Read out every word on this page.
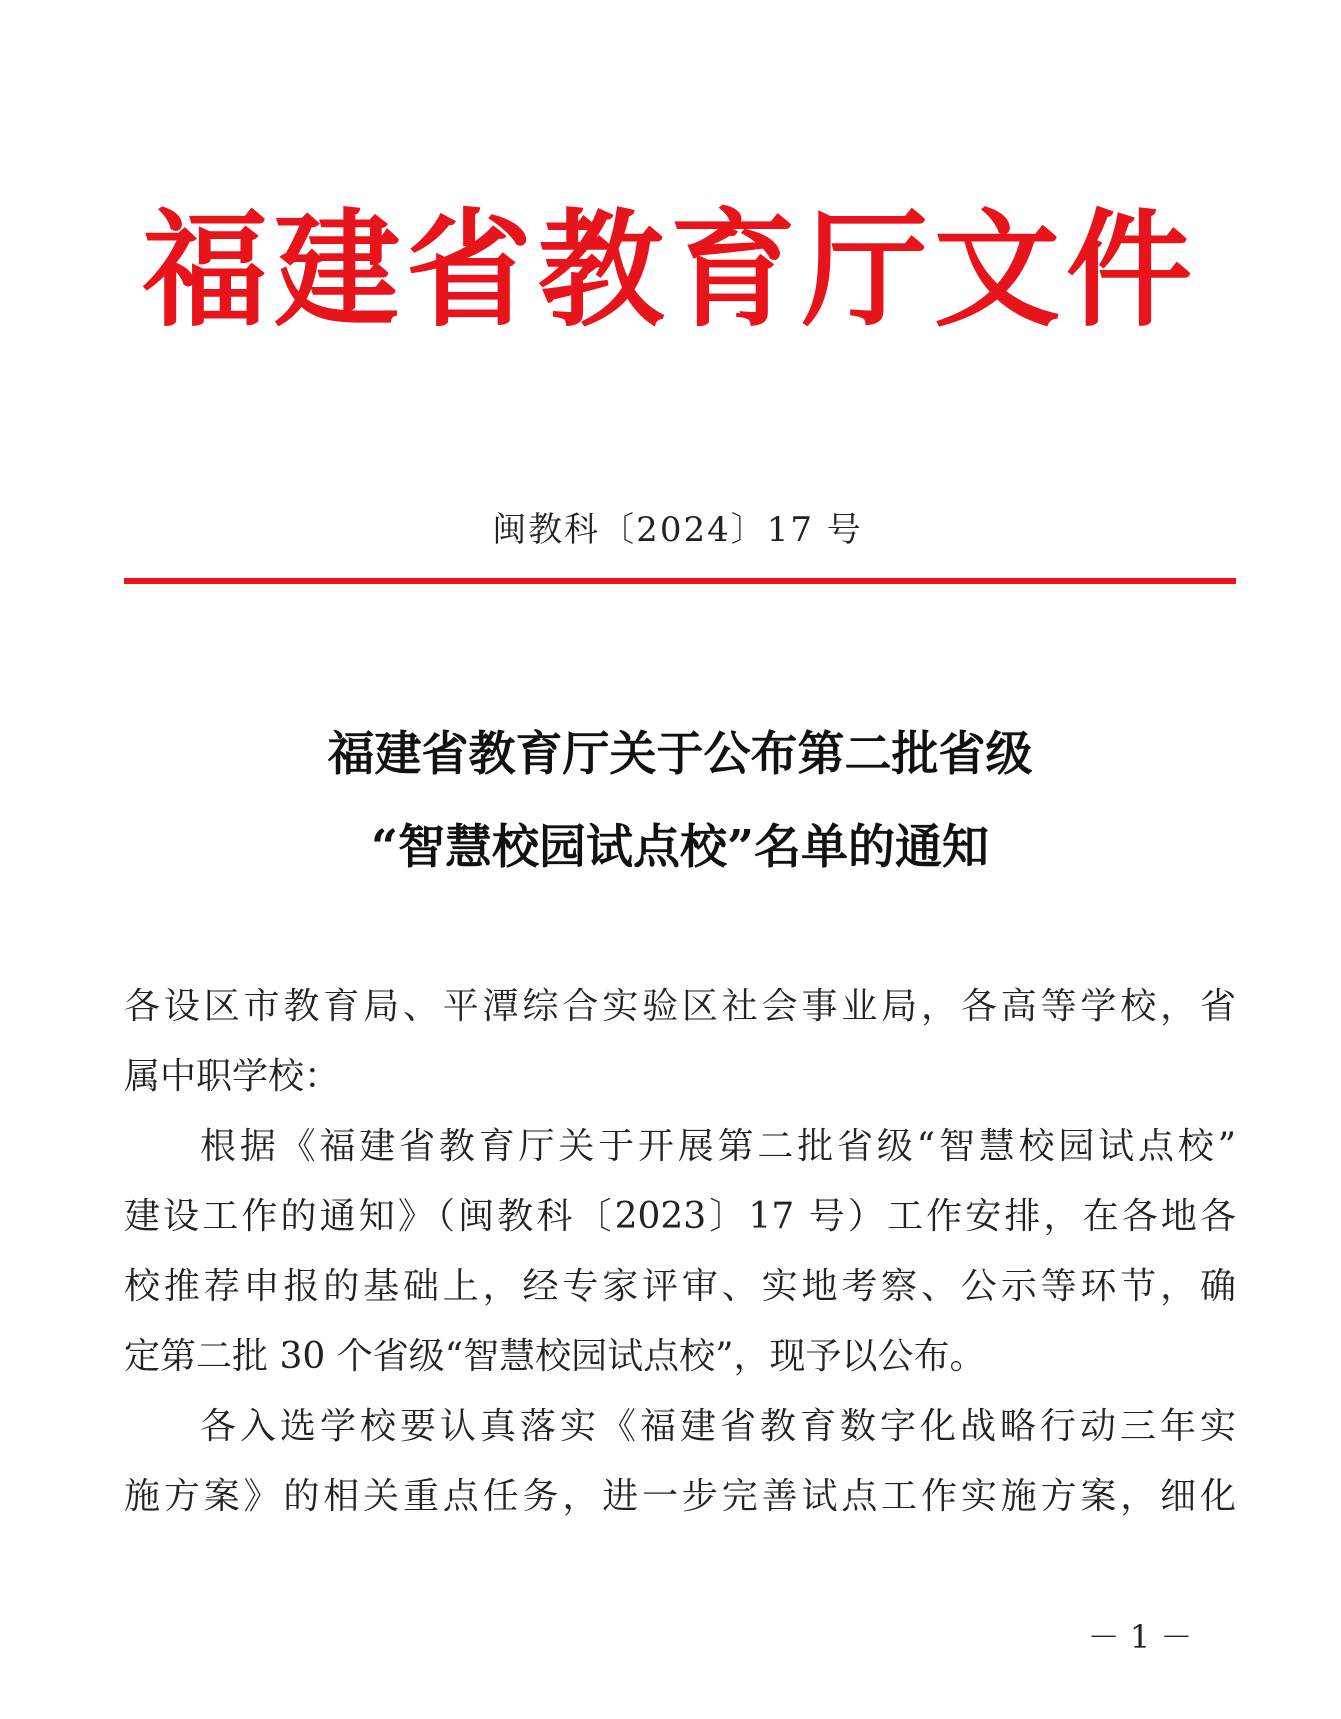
福建省教育厅文件
闽教科〔2024〕17 号
福建省教育厅关于公布第二批省级
“智慧校园试点校”名单的通知
各设区市教育局、平潭综合实验区社会事业局，各高等学校，省
属中职学校：
根据《福建省教育厅关于开展第二批省级“智慧校园试点校”
建设工作的通知》（闽教科〔2023〕17 号）工作安排，在各地各
校推荐申报的基础上，经专家评审、实地考察、公示等环节，确
定第二批 30 个省级“智慧校园试点校”，现予以公布。
各入选学校要认真落实《福建省教育数字化战略行动三年实
施方案》的相关重点任务，进一步完善试点工作实施方案，细化
－ 1 －
